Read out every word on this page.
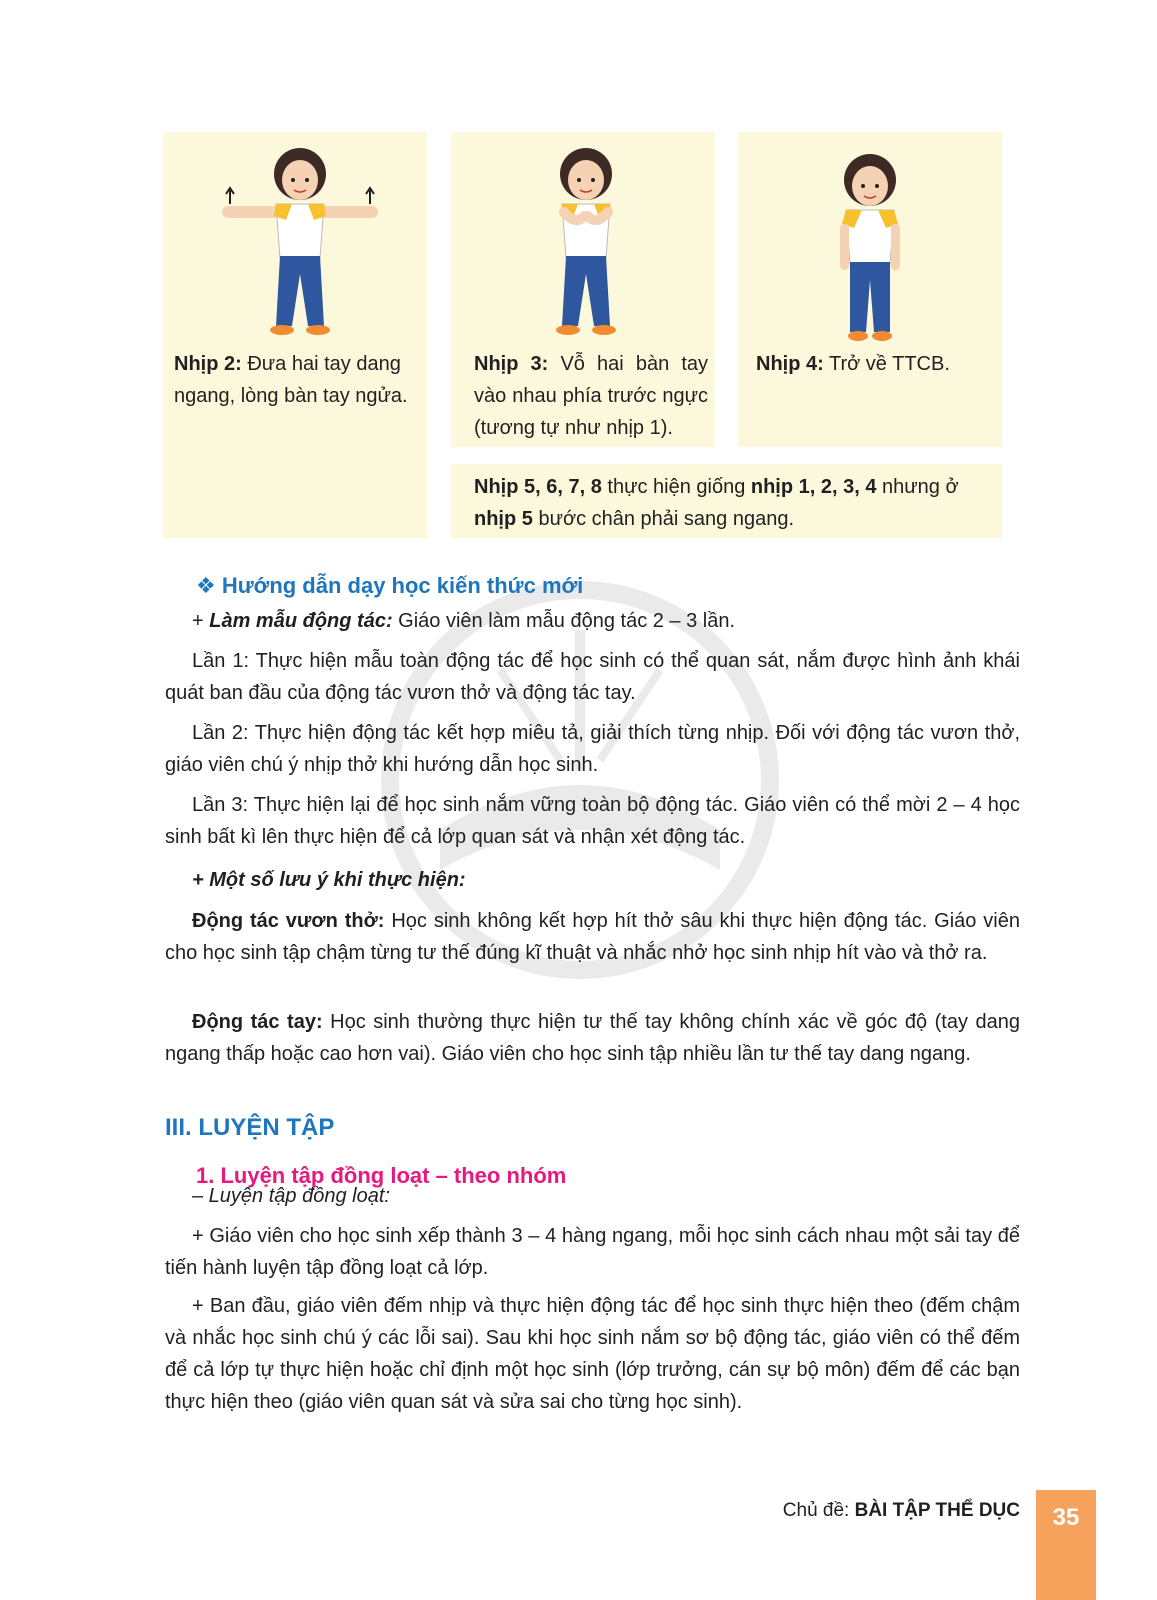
Nhịp 2: Đưa hai tay dang ngang, lòng bàn tay ngửa.
Nhịp 3: Vỗ hai bàn tay vào nhau phía trước ngực (tương tự như nhịp 1).
Nhịp 4: Trở về TTCB.
Nhịp 5, 6, 7, 8 thực hiện giống nhịp 1, 2, 3, 4 nhưng ở nhịp 5 bước chân phải sang ngang.
❖ Hướng dẫn dạy học kiến thức mới
+ Làm mẫu động tác: Giáo viên làm mẫu động tác 2 – 3 lần.
Lần 1: Thực hiện mẫu toàn động tác để học sinh có thể quan sát, nắm được hình ảnh khái quát ban đầu của động tác vươn thở và động tác tay.
Lần 2: Thực hiện động tác kết hợp miêu tả, giải thích từng nhịp. Đối với động tác vươn thở, giáo viên chú ý nhịp thở khi hướng dẫn học sinh.
Lần 3: Thực hiện lại để học sinh nắm vững toàn bộ động tác. Giáo viên có thể mời 2 – 4 học sinh bất kì lên thực hiện để cả lớp quan sát và nhận xét động tác.
+ Một số lưu ý khi thực hiện:
Động tác vươn thở: Học sinh không kết hợp hít thở sâu khi thực hiện động tác. Giáo viên cho học sinh tập chậm từng tư thế đúng kĩ thuật và nhắc nhở học sinh nhịp hít vào và thở ra.
Động tác tay: Học sinh thường thực hiện tư thế tay không chính xác về góc độ (tay dang ngang thấp hoặc cao hơn vai). Giáo viên cho học sinh tập nhiều lần tư thế tay dang ngang.
III. LUYỆN TẬP
1. Luyện tập đồng loạt – theo nhóm
– Luyện tập đồng loạt:
+ Giáo viên cho học sinh xếp thành 3 – 4 hàng ngang, mỗi học sinh cách nhau một sải tay để tiến hành luyện tập đồng loạt cả lớp.
+ Ban đầu, giáo viên đếm nhịp và thực hiện động tác để học sinh thực hiện theo (đếm chậm và nhắc học sinh chú ý các lỗi sai). Sau khi học sinh nắm sơ bộ động tác, giáo viên có thể đếm để cả lớp tự thực hiện hoặc chỉ định một học sinh (lớp trưởng, cán sự bộ môn) đếm để các bạn thực hiện theo (giáo viên quan sát và sửa sai cho từng học sinh).
Chủ đề: BÀI TẬP THỂ DỤC	35
